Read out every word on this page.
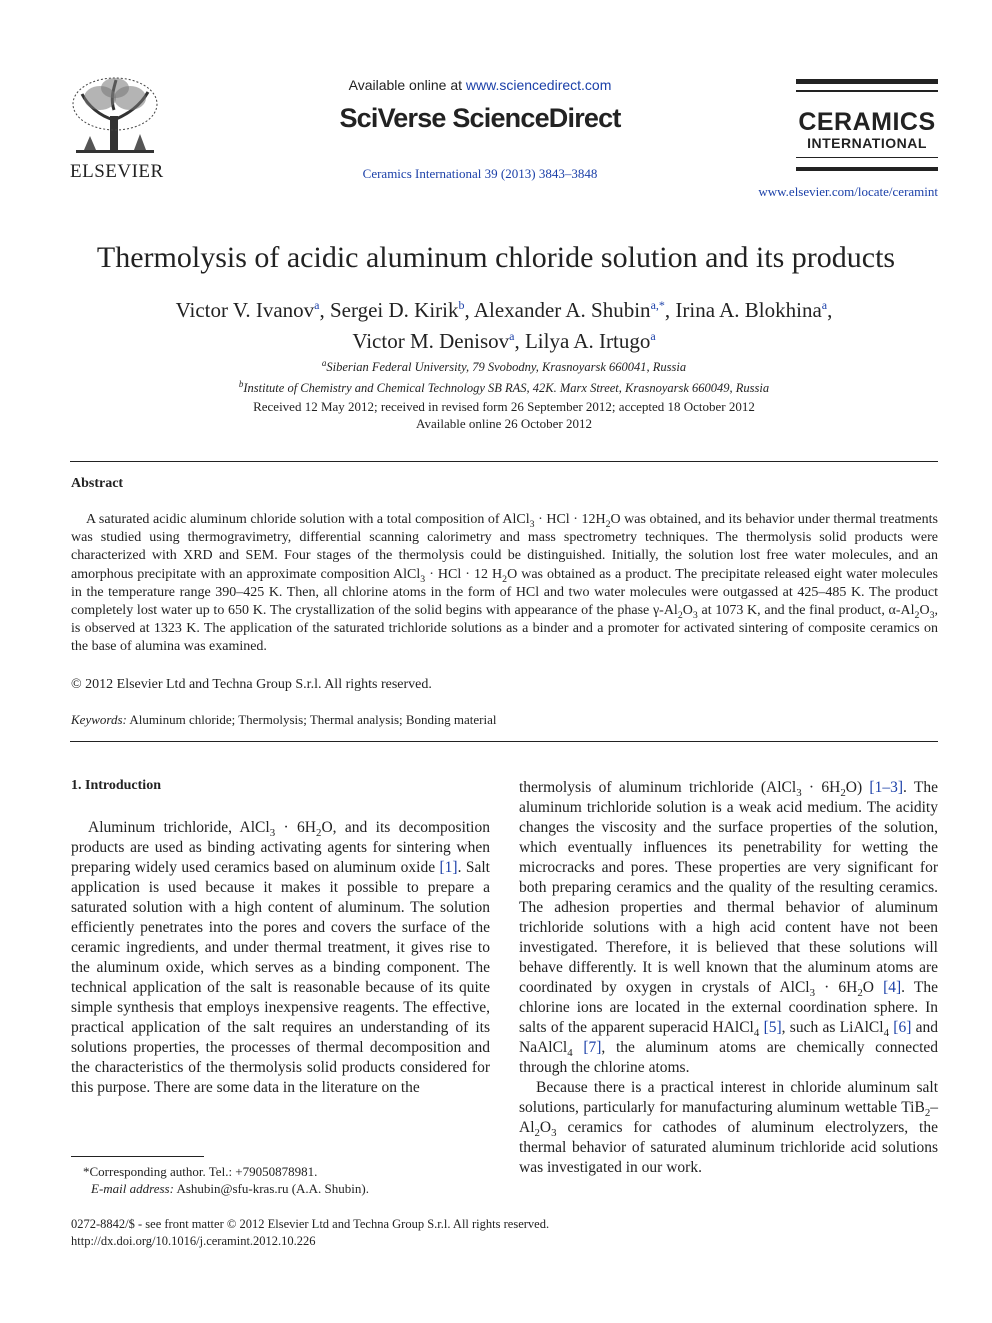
ELSEVIER
Available online at www.sciencedirect.com
SciVerse ScienceDirect
Ceramics International 39 (2013) 3843–3848
CERAMICS
INTERNATIONAL
www.elsevier.com/locate/ceramint
Thermolysis of acidic aluminum chloride solution and its products
Victor V. Ivanov$^a$, Sergei D. Kirik$^b$, Alexander A. Shubin$^{a,*}$, Irina A. Blokhina$^a$,
Victor M. Denisov$^a$, Lilya A. Irtugo$^a$
$^a$Siberian Federal University, 79 Svobodny, Krasnoyarsk 660041, Russia
$^b$Institute of Chemistry and Chemical Technology SB RAS, 42K. Marx Street, Krasnoyarsk 660049, Russia
Received 12 May 2012; received in revised form 26 September 2012; accepted 18 October 2012
Available online 26 October 2012
Abstract
A saturated acidic aluminum chloride solution with a total composition of AlCl$_3$ · HCl · $12H_2O$ was obtained, and its behavior under thermal treatments was studied using thermogravimetry, differential scanning calorimetry and mass spectrometry techniques. The thermolysis solid products were characterized with XRD and SEM. Four stages of the thermolysis could be distinguished. Initially, the solution lost free water molecules, and an amorphous precipitate with an approximate composition AlCl$_3$ · HCl · 12 $H_2O$ was obtained as a product. The precipitate released eight water molecules in the temperature range 390–425 K. Then, all chlorine atoms in the form of HCl and two water molecules were outgassed at 425–485 K. The product completely lost water up to 650 K. The crystallization of the solid begins with appearance of the phase $\gamma-Al_2O_3$ at 1073 K, and the final product, $\alpha-Al_2O_3$, is observed at 1323 K. The application of the saturated trichloride solutions as a binder and a promoter for activated sintering of composite ceramics on the base of alumina was examined.
© 2012 Elsevier Ltd and Techna Group S.r.l. All rights reserved.
Keywords: Aluminum chloride; Thermolysis; Thermal analysis; Bonding material
1. Introduction

Aluminum trichloride, AlCl$_3$ · $6H_2O$, and its decomposition products are used as binding activating agents for sintering when preparing widely used ceramics based on aluminum oxide [1]. Salt application is used because it makes it possible to prepare a saturated solution with a high content of aluminum. The solution efficiently penetrates into the pores and covers the surface of the ceramic ingredients, and under thermal treatment, it gives rise to the aluminum oxide, which serves as a binding component. The technical application of the salt is reasonable because of its quite simple synthesis that employs inexpensive reagents. The effective, practical application of the salt requires an understanding of its solutions properties, the processes of thermal decomposition and the characteristics of the thermolysis solid products considered for this purpose. There are some data in the literature on the

thermolysis of aluminum trichloride (AlCl$_3$ · $6H_2O$) [1–3]. The aluminum trichloride solution is a weak acid medium. The acidity changes the viscosity and the surface properties of the solution, which eventually influences its penetrability for wetting the microcracks and pores. These properties are very significant for both preparing ceramics and the quality of the resulting ceramics. The adhesion properties and thermal behavior of aluminum trichloride solutions with a high acid content have not been investigated. Therefore, it is believed that these solutions will behave differently. It is well known that the aluminum atoms are coordinated by oxygen in crystals of AlCl$_3$ · $6H_2O$ [4]. The chlorine ions are located in the external coordination sphere. In salts of the apparent superacid HAlCl$_4$ [5], such as LiAlCl$_4$ [6] and NaAlCl$_4$ [7], the aluminum atoms are chemically connected through the chlorine atoms.

Because there is a practical interest in chloride aluminum salt solutions, particularly for manufacturing aluminum wettable $TiB_2-Al_2O_3$ ceramics for cathodes of aluminum electrolyzers, the thermal behavior of saturated aluminum trichloride acid solutions was investigated in our work.

*Corresponding author. Tel.: +79050878981.
E-mail address: Ashubin@sfu-kras.ru (A.A. Shubin).
0272-8842/$ - see front matter © 2012 Elsevier Ltd and Techna Group S.r.l. All rights reserved.
http://dx.doi.org/10.1016/j.ceramint.2012.10.226
